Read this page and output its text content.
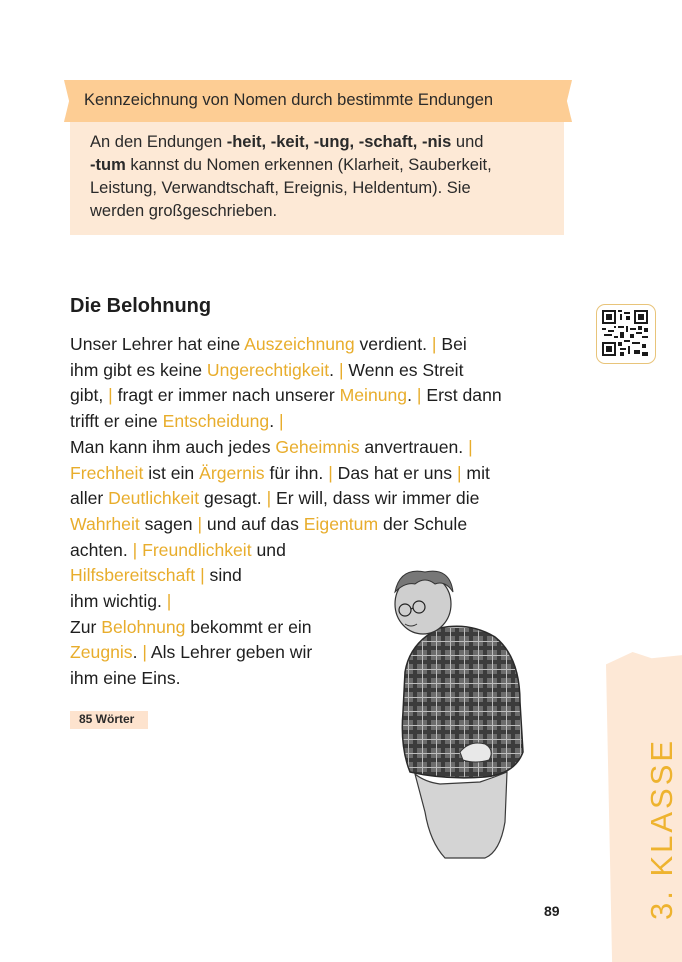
Kennzeichnung von Nomen durch bestimmte Endungen
An den Endungen -heit, -keit, -ung, -schaft, -nis und
-tum kannst du Nomen erkennen (Klarheit, Sauberkeit,
Leistung, Verwandtschaft, Ereignis, Heldentum). Sie
werden großgeschrieben.
Die Belohnung
Unser Lehrer hat eine Auszeichnung verdient. | Bei
ihm gibt es keine Ungerechtigkeit. | Wenn es Streit
gibt, | fragt er immer nach unserer Meinung. | Erst dann
trifft er eine Entscheidung. |
Man kann ihm auch jedes Geheimnis anvertrauen. |
Frechheit ist ein Ärgernis für ihn. | Das hat er uns | mit
aller Deutlichkeit gesagt. | Er will, dass wir immer die
Wahrheit sagen | und auf das Eigentum der Schule
achten. | Freundlichkeit und
Hilfsbereitschaft | sind
ihm wichtig. |
Zur Belohnung bekommt er ein
Zeugnis. | Als Lehrer geben wir
ihm eine Eins.
85 Wörter
89	3. KLASSE
